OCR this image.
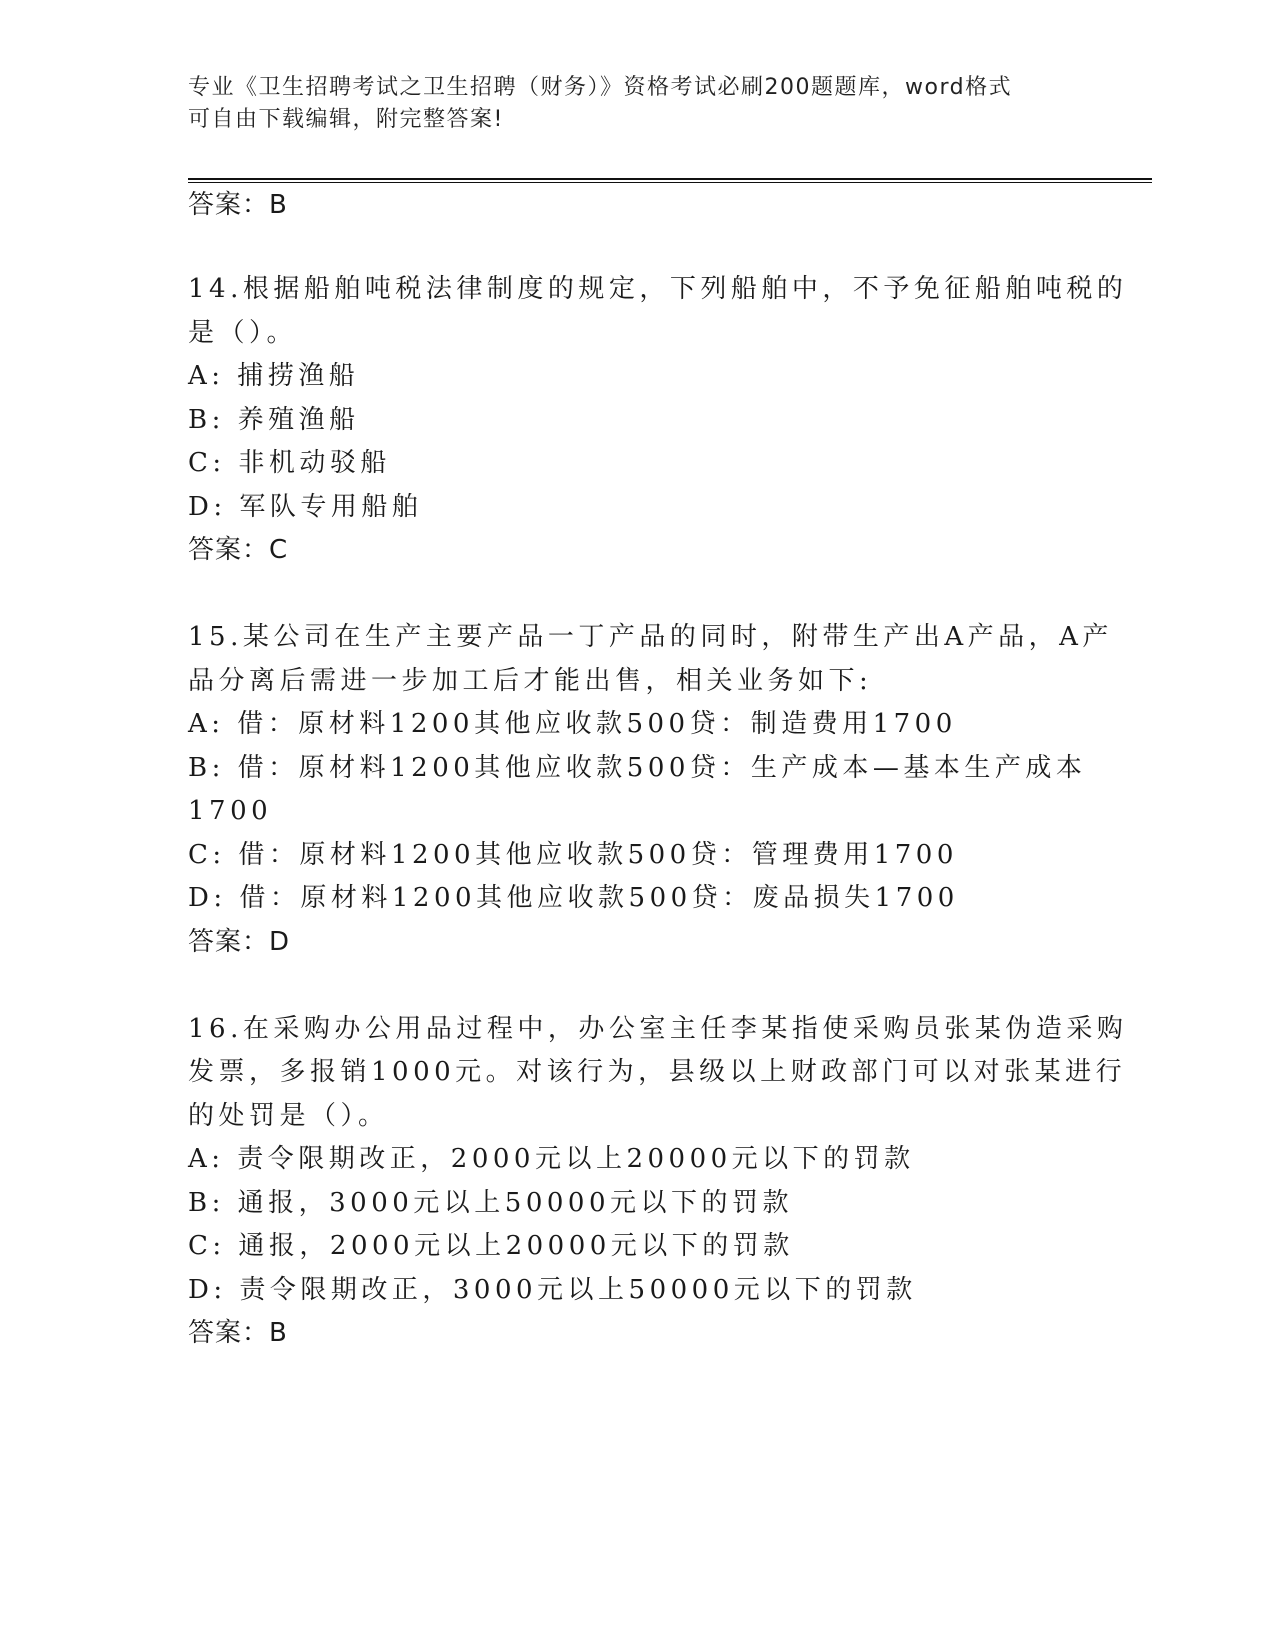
专业《卫生招聘考试之卫生招聘（财务）》资格考试必刷200题题库，word格式
可自由下载编辑，附完整答案!
答案：B
14.根据船舶吨税法律制度的规定，下列船舶中，不予免征船舶吨税的
是（）。
A: 捕捞渔船
B: 养殖渔船
C: 非机动驳船
D: 军队专用船舶
答案：C
15.某公司在生产主要产品一丁产品的同时，附带生产出A产品，A产
品分离后需进一步加工后才能出售，相关业务如下:
A: 借：原材料1200其他应收款500贷：制造费用1700
B: 借：原材料1200其他应收款500贷：生产成本—基本生产成本
1700
C: 借：原材料1200其他应收款500贷：管理费用1700
D: 借：原材料1200其他应收款500贷：废品损失1700
答案：D
16.在采购办公用品过程中，办公室主任李某指使采购员张某伪造采购
发票，多报销1000元。对该行为，县级以上财政部门可以对张某进行
的处罚是（）。
A: 责令限期改正，2000元以上20000元以下的罚款
B: 通报，3000元以上50000元以下的罚款
C: 通报，2000元以上20000元以下的罚款
D: 责令限期改正，3000元以上50000元以下的罚款
答案：B
